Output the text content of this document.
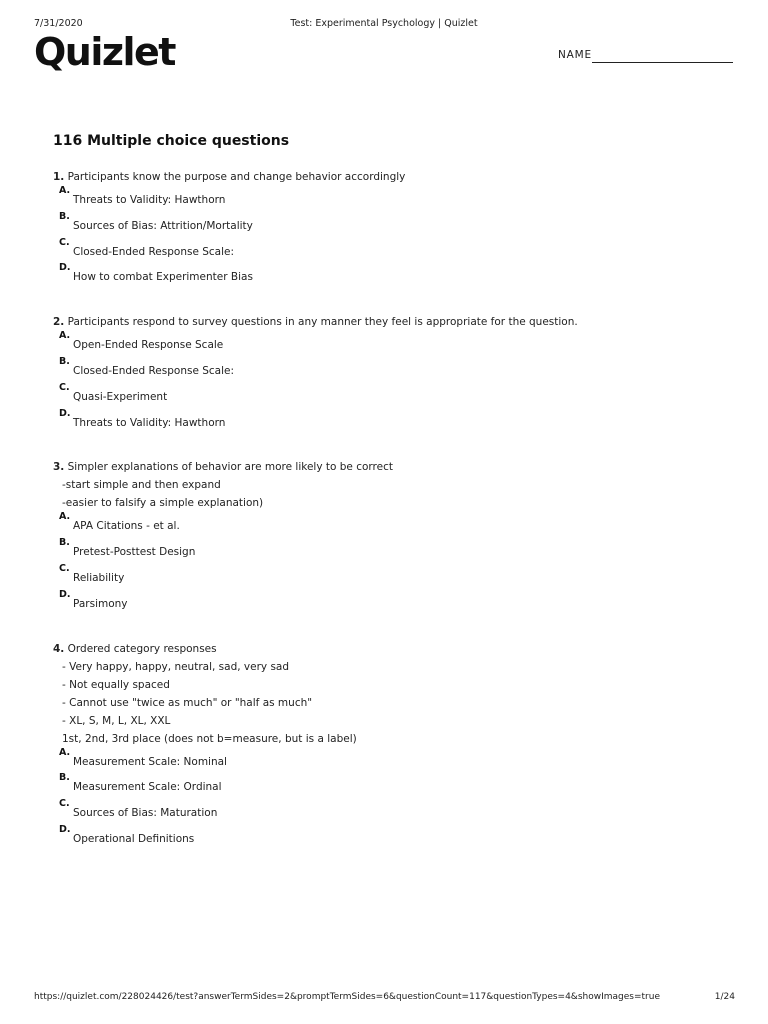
7/31/2020	Test: Experimental Psychology | Quizlet
Quizlet	NAME
116 Multiple choice questions
1. Participants know the purpose and change behavior accordingly
A.
Threats to Validity: Hawthorn
B.
Sources of Bias: Attrition/Mortality
C.
Closed-Ended Response Scale:
D.
How to combat Experimenter Bias
2. Participants respond to survey questions in any manner they feel is appropriate for the question.
A.
Open-Ended Response Scale
B.
Closed-Ended Response Scale:
C.
Quasi-Experiment
D.
Threats to Validity: Hawthorn
3. Simpler explanations of behavior are more likely to be correct
-start simple and then expand
-easier to falsify a simple explanation)
A.
APA Citations - et al.
B.
Pretest-Posttest Design
C.
Reliability
D.
Parsimony
4. Ordered category responses
- Very happy, happy, neutral, sad, very sad
- Not equally spaced
- Cannot use "twice as much" or "half as much"
- XL, S, M, L, XL, XXL
1st, 2nd, 3rd place (does not b=measure, but is a label)
A.
Measurement Scale: Nominal
B.
Measurement Scale: Ordinal
C.
Sources of Bias: Maturation
D.
Operational Definitions
https://quizlet.com/228024426/test?answerTermSides=2&promptTermSides=6&questionCount=117&questionTypes=4&showImages=true	1/24
